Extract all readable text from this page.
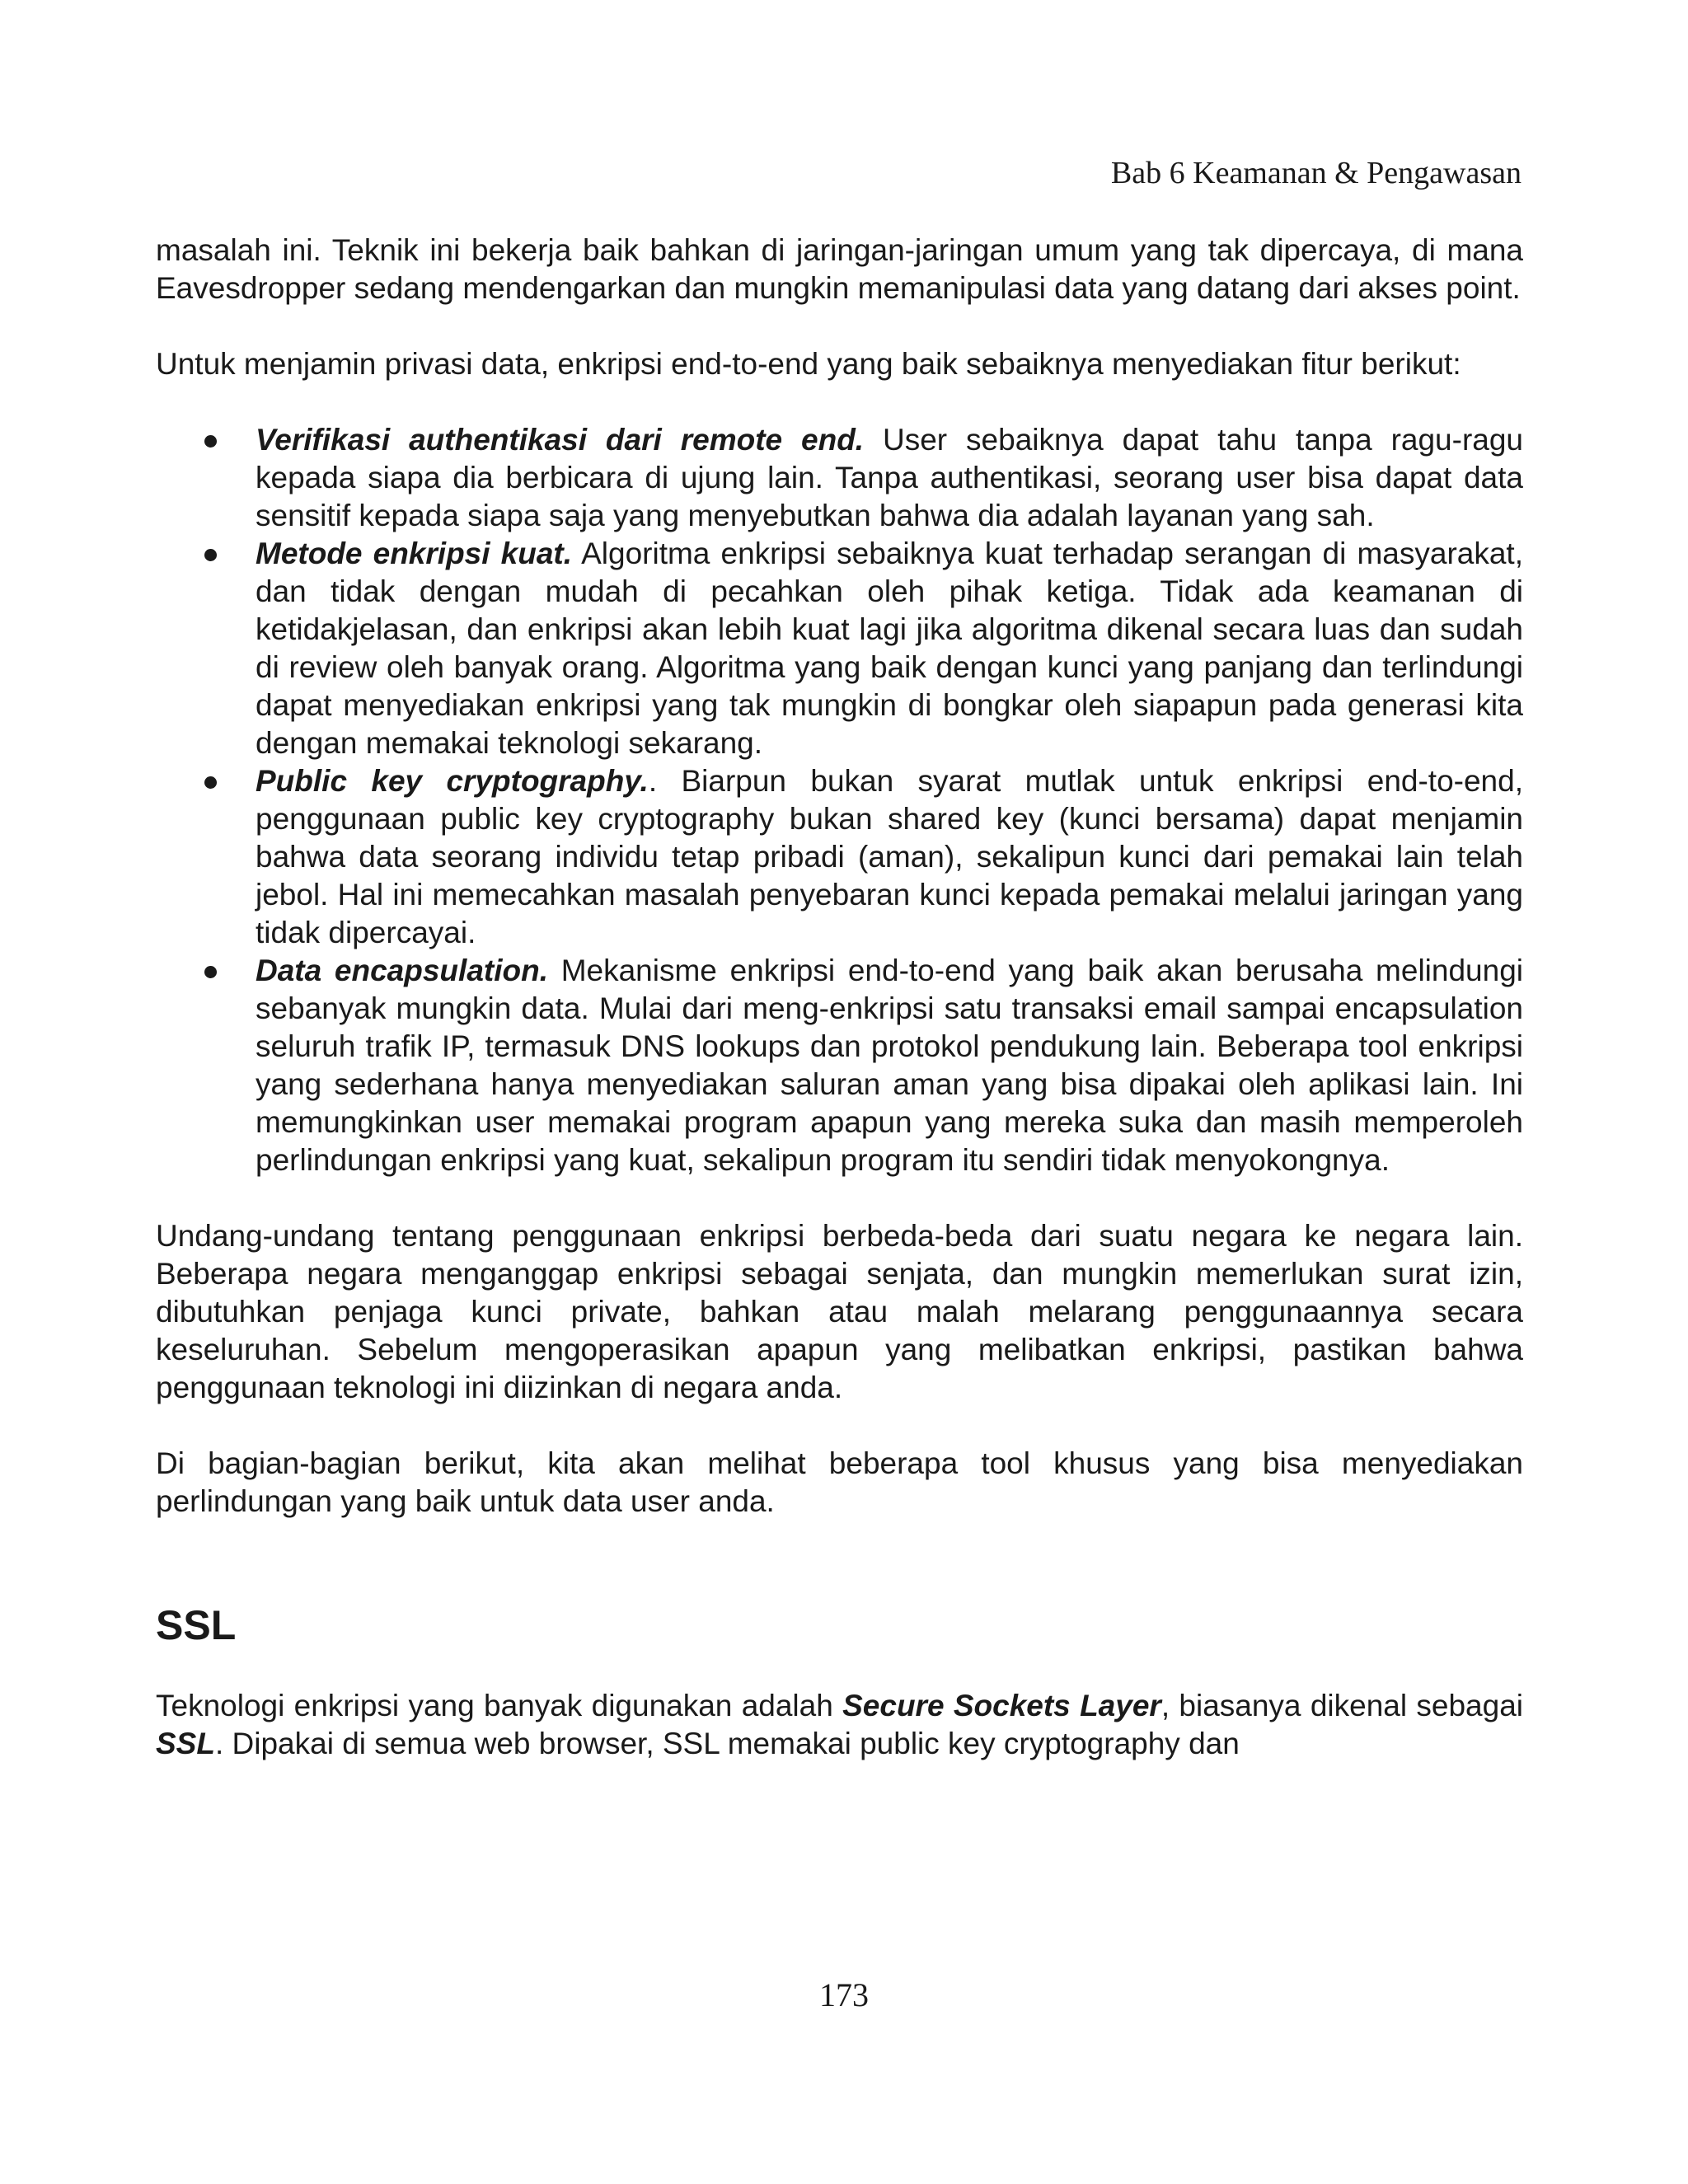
Bab 6 Keamanan & Pengawasan

masalah ini. Teknik ini bekerja baik bahkan di jaringan-jaringan umum yang tak dipercaya, di mana Eavesdropper sedang mendengarkan dan mungkin memanipulasi data yang datang dari akses point.

Untuk menjamin privasi data, enkripsi end-to-end yang baik sebaiknya menyediakan fitur berikut:

Verifikasi authentikasi dari remote end. User sebaiknya dapat tahu tanpa ragu-ragu kepada siapa dia berbicara di ujung lain. Tanpa authentikasi, seorang user bisa dapat data sensitif kepada siapa saja yang menyebutkan bahwa dia adalah layanan yang sah.
Metode enkripsi kuat. Algoritma enkripsi sebaiknya kuat terhadap serangan di masyarakat, dan tidak dengan mudah di pecahkan oleh pihak ketiga. Tidak ada keamanan di ketidakjelasan, dan enkripsi akan lebih kuat lagi jika algoritma dikenal secara luas dan sudah di review oleh banyak orang. Algoritma yang baik dengan kunci yang panjang dan terlindungi dapat menyediakan enkripsi yang tak mungkin di bongkar oleh siapapun pada generasi kita dengan memakai teknologi sekarang.
Public key cryptography.. Biarpun bukan syarat mutlak untuk enkripsi end-to-end, penggunaan public key cryptography bukan shared key (kunci bersama) dapat menjamin bahwa data seorang individu tetap pribadi (aman), sekalipun kunci dari pemakai lain telah jebol. Hal ini memecahkan masalah penyebaran kunci kepada pemakai melalui jaringan yang tidak dipercayai.
Data encapsulation. Mekanisme enkripsi end-to-end yang baik akan berusaha melindungi sebanyak mungkin data. Mulai dari meng-enkripsi satu transaksi email sampai encapsulation seluruh trafik IP, termasuk DNS lookups dan protokol pendukung lain. Beberapa tool enkripsi yang sederhana hanya menyediakan saluran aman yang bisa dipakai oleh aplikasi lain. Ini memungkinkan user memakai program apapun yang mereka suka dan masih memperoleh perlindungan enkripsi yang kuat, sekalipun program itu sendiri tidak menyokongnya.

Undang-undang tentang penggunaan enkripsi berbeda-beda dari suatu negara ke negara lain. Beberapa negara menganggap enkripsi sebagai senjata, dan mungkin memerlukan surat izin, dibutuhkan penjaga kunci private, bahkan atau malah melarang penggunaannya secara keseluruhan. Sebelum mengoperasikan apapun yang melibatkan enkripsi, pastikan bahwa penggunaan teknologi ini diizinkan di negara anda.

Di bagian-bagian berikut, kita akan melihat beberapa tool khusus yang bisa menyediakan perlindungan yang baik untuk data user anda.

SSL

Teknologi enkripsi yang banyak digunakan adalah Secure Sockets Layer, biasanya dikenal sebagai SSL. Dipakai di semua web browser, SSL memakai public key cryptography dan

173
